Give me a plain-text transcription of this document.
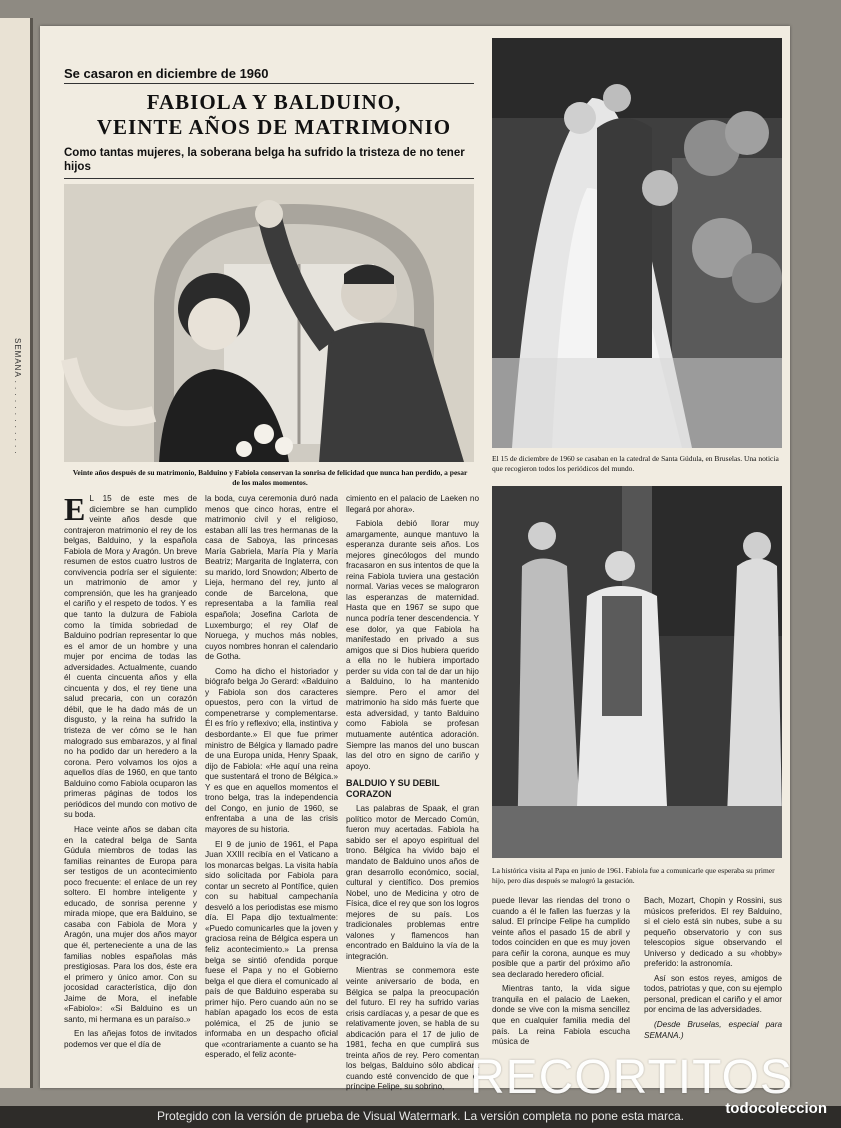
SEMANA . . . . . . . . . . . .
Se casaron en diciembre de 1960
FABIOLA Y BALDUINO,
VEINTE AÑOS DE MATRIMONIO
Como tantas mujeres, la soberana belga ha sufrido la tristeza de no tener hijos
Veinte años después de su matrimonio, Balduino y Fabiola conservan la sonrisa de felicidad que nunca han perdido, a pesar de los malos momentos.
El 15 de diciembre de 1960 se casaban en la catedral de Santa Gúdula, en Bruselas. Una noticia que recogieron todos los periódicos del mundo.
La histórica visita al Papa en junio de 1961. Fabiola fue a comunicarle que esperaba su primer hijo, pero días después se malogró la gestación.

E L 15 de este mes de diciembre se han cumplido veinte años desde que contrajeron matrimonio el rey de los belgas, Balduino, y la española Fabiola de Mora y Aragón. Un breve resumen de estos cuatro lustros de convivencia podría ser el siguiente: un matrimonio de amor y comprensión, que les ha granjeado el cariño y el respeto de todos. Y es que tanto la dulzura de Fabiola como la tímida sobriedad de Balduino podrían representar lo que es el amor de un hombre y una mujer por encima de todas las adversidades. Actualmente, cuando él cuenta cincuenta años y ella cincuenta y dos, el rey tiene una salud precaria, con un corazón débil, que le ha dado más de un disgusto, y la reina ha sufrido la tristeza de ver cómo se le han malogrado sus embarazos, y al final no ha podido dar un heredero a la corona. Pero volvamos los ojos a aquellos días de 1960, en que tanto Balduino como Fabiola ocuparon las primeras páginas de todos los periódicos del mundo con motivo de su boda.

Hace veinte años se daban cita en la catedral belga de Santa Gúdula miembros de todas las familias reinantes de Europa para ser testigos de un acontecimiento poco frecuente: el enlace de un rey soltero. El hombre inteligente y educado, de sonrisa perenne y mirada miope, que era Balduino, se casaba con Fabiola de Mora y Aragón, una mujer dos años mayor que él, perteneciente a una de las familias nobles españolas más prestigiosas. Para los dos, éste era el primero y único amor. Con su jocosidad característica, dijo don Jaime de Mora, el inefable «Fabiolo»: «Si Balduino es un santo, mi hermana es un paraíso.»

En las añejas fotos de invitados podemos ver que el día de

la boda, cuya ceremonia duró nada menos que cinco horas, entre el matrimonio civil y el religioso, estaban allí las tres hermanas de la casa de Saboya, las princesas María Gabriela, María Pía y María Beatriz; Margarita de Inglaterra, con su marido, lord Snowdon; Alberto de Lieja, hermano del rey, junto al conde de Barcelona, que representaba a la familia real española; Josefina Carlota de Luxemburgo; el rey Olaf de Noruega, y muchos más nobles, cuyos nombres honran el calendario de Gotha.

Como ha dicho el historiador y biógrafo belga Jo Gerard: «Balduino y Fabiola son dos caracteres opuestos, pero con la virtud de compenetrarse y complementarse. Él es frío y reflexivo; ella, instintiva y desbordante.» El que fue primer ministro de Bélgica y llamado padre de una Europa unida, Henry Spaak, dijo de Fabiola: «He aquí una reina que sustentará el trono de Bélgica.» Y es que en aquellos momentos el trono belga, tras la independencia del Congo, en junio de 1960, se enfrentaba a una de las crisis mayores de su historia.

El 9 de junio de 1961, el Papa Juan XXIII recibía en el Vaticano a los monarcas belgas. La visita había sido solicitada por Fabiola para contar un secreto al Pontífice, quien con su habitual campechanía desveló a los periodistas ese mismo día. El Papa dijo textualmente: «Puedo comunicarles que la joven y graciosa reina de Bélgica espera un feliz acontecimiento.» La prensa belga se sintió ofendida porque fuese el Papa y no el Gobierno belga el que diera el comunicado al país de que Balduino esperaba su primer hijo. Pero cuando aún no se habían apagado los ecos de esta polémica, el 25 de junio se informaba en un despacho oficial que «contrariamente a cuanto se ha esperado, el feliz aconte-

cimiento en el palacio de Laeken no llegará por ahora».

Fabiola debió llorar muy amargamente, aunque mantuvo la esperanza durante seis años. Los mejores ginecólogos del mundo fracasaron en sus intentos de que la reina Fabiola tuviera una gestación normal. Varias veces se malograron las esperanzas de maternidad. Hasta que en 1967 se supo que nunca podría tener descendencia. Y ese dolor, ya que Fabiola ha manifestado en privado a sus amigos que si Dios hubiera querido a ella no le hubiera importado perder su vida con tal de dar un hijo a Balduino, lo ha mantenido siempre. Pero el amor del matrimonio ha sido más fuerte que esta adversidad, y tanto Balduino como Fabiola se profesan mutuamente auténtica adoración. Siempre las manos del uno buscan las del otro en signo de cariño y apoyo.

BALDUIO Y SU DEBIL CORAZON

Las palabras de Spaak, el gran político motor de Mercado Común, fueron muy acertadas. Fabiola ha sabido ser el apoyo espiritual del trono. Bélgica ha vivido bajo el mandato de Balduino unos años de gran desarrollo económico, social, cultural y científico. Dos premios Nobel, uno de Medicina y otro de Física, dice el rey que son los logros mejores de su país. Los tradicionales problemas entre valones y flamencos han encontrado en Balduino la vía de la integración.

Mientras se conmemora este veinte aniversario de boda, en Bélgica se palpa la preocupación del futuro. El rey ha sufrido varias crisis cardíacas y, a pesar de que es relativamente joven, se habla de su abdicación para el 17 de julio de 1981, fecha en que cumplirá sus treinta años de rey. Pero comentan los belgas, Balduino sólo abdicará cuando esté convencido de que el príncipe Felipe, su sobrino,

puede llevar las riendas del trono o cuando a él le fallen las fuerzas y la salud. El príncipe Felipe ha cumplido veinte años el pasado 15 de abril y todos coinciden en que es muy joven para ceñir la corona, aunque es muy posible que a partir del próximo año sea declarado heredero oficial.

Mientras tanto, la vida sigue tranquila en el palacio de Laeken, donde se vive con la misma sencillez que en cualquier familia media del país. La reina Fabiola escucha música de

Bach, Mozart, Chopin y Rossini, sus músicos preferidos. El rey Balduino, si el cielo está sin nubes, sube a su pequeño observatorio y con sus telescopios sigue observando el Universo y dedicado a su «hobby» preferido: la astronomía.

Así son estos reyes, amigos de todos, patriotas y que, con su ejemplo personal, predican el cariño y el amor por encima de las adversidades.

(Desde Bruselas, especial para SEMANA.)

RECORTITOS
todocoleccion
Protegido con la versión de prueba de Visual Watermark. La versión completa no pone esta marca.
